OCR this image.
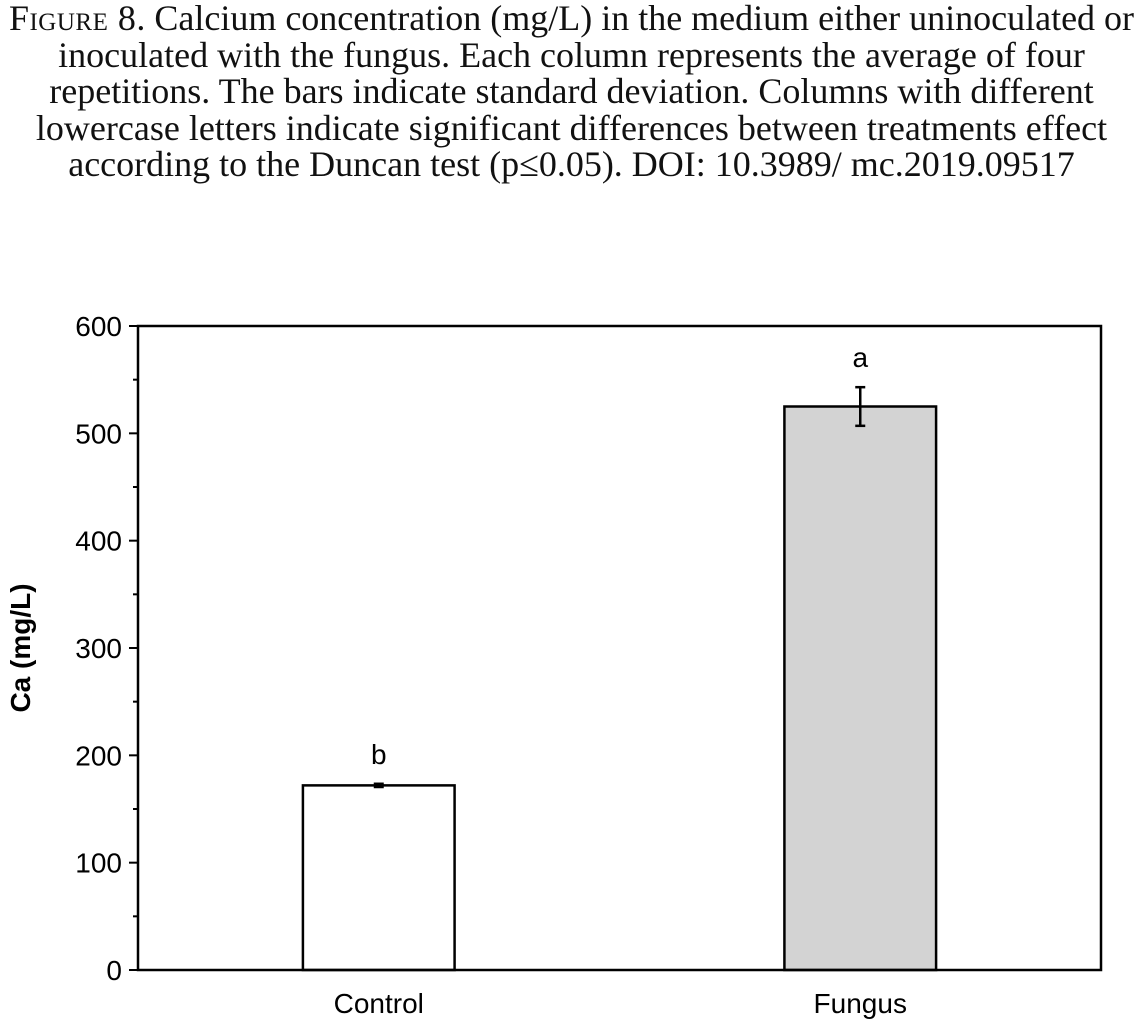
Figure 8. Calcium concentration (mg/L) in the medium either uninoculated or inoculated with the fungus. Each column represents the average of four repetitions. The bars indicate standard deviation. Columns with different lowercase letters indicate significant differences between treatments effect according to the Duncan test (p≤0.05). DOI: 10.3989/ mc.2019.09517
0
100
200
300
400
500
600
b
a
Control	Fungus
Ca (mg/L)
